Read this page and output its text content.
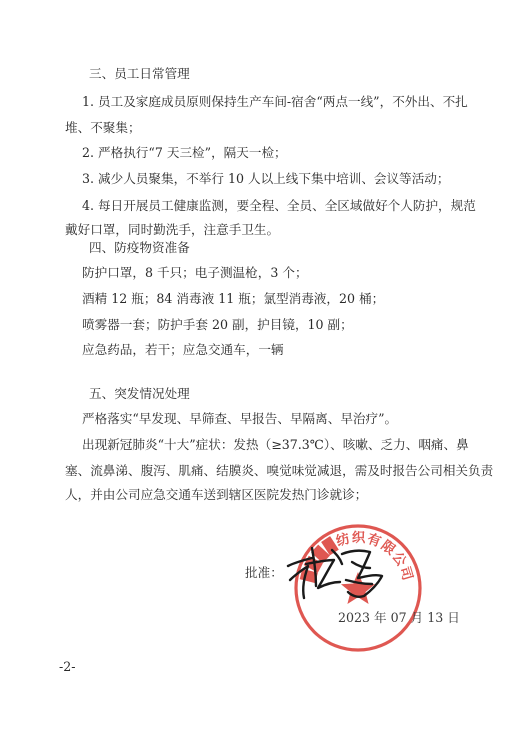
三、员工日常管理
1. 员工及家庭成员原则保持生产车间-宿舍“两点一线”，不外出、不扎
堆、不聚集；
2. 严格执行“7 天三检”，隔天一检；
3. 减少人员聚集，不举行 10 人以上线下集中培训、会议等活动；
4. 每日开展员工健康监测，要全程、全员、全区域做好个人防护，规范
戴好口罩，同时勤洗手，注意手卫生。
四、防疫物资准备
防护口罩，8 千只；电子测温枪，3 个；
酒精 12 瓶；84 消毒液 11 瓶；氯型消毒液，20 桶；
喷雾器一套；防护手套 20 副，护目镜，10 副；
应急药品，若干；应急交通车，一辆
五、突发情况处理
严格落实“早发现、早筛查、早报告、早隔离、早治疗”。
出现新冠肺炎“十大”症状：发热（≥37.3℃）、咳嗽、乏力、咽痛、鼻
塞、流鼻涕、腹泻、肌痛、结膜炎、嗅觉味觉减退，需及时报告公司相关负责
人，并由公司应急交通车送到辖区医院发热门诊就诊；
批准： ████纺织有限公司
2023 年 07 月 13 日
-2-
